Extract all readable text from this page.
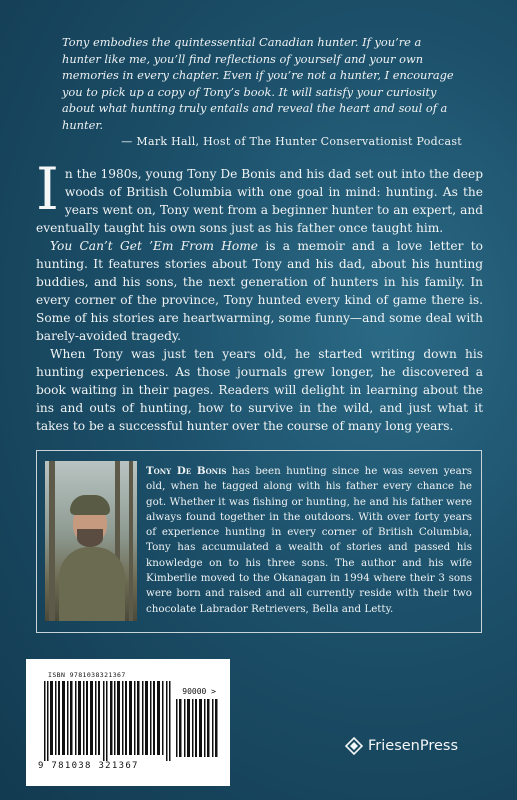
Tony embodies the quintessential Canadian hunter. If you’re a hunter like me, you’ll find reflections of yourself and your own memories in every chapter. Even if you’re not a hunter, I encourage you to pick up a copy of Tony’s book. It will satisfy your curiosity about what hunting truly entails and reveal the heart and soul of a hunter.
— Mark Hall, Host of The Hunter Conservationist Podcast

In the 1980s, young Tony De Bonis and his dad set out into the deep woods of British Columbia with one goal in mind: hunting. As the years went on, Tony went from a beginner hunter to an expert, and eventually taught his own sons just as his father once taught him.

You Can’t Get ’Em From Home is a memoir and a love letter to hunting. It features stories about Tony and his dad, about his hunting buddies, and his sons, the next generation of hunters in his family. In every corner of the province, Tony hunted every kind of game there is. Some of his stories are heartwarming, some funny—and some deal with barely-avoided tragedy.

When Tony was just ten years old, he started writing down his hunting experiences. As those journals grew longer, he discovered a book waiting in their pages. Readers will delight in learning about the ins and outs of hunting, how to survive in the wild, and just what it takes to be a successful hunter over the course of many long years.

Tony De Bonis has been hunting since he was seven years old, when he tagged along with his father every chance he got. Whether it was fishing or hunting, he and his father were always found together in the outdoors. With over forty years of experience hunting in every corner of British Columbia, Tony has accumulated a wealth of stories and passed his knowledge on to his three sons. The author and his wife Kimberlie moved to the Okanagan in 1994 where their 3 sons were born and raised and all currently reside with their two chocolate Labrador Retrievers, Bella and Letty.
ISBN 9781038321367
90000 >
9 781038 321367
FriesenPress
